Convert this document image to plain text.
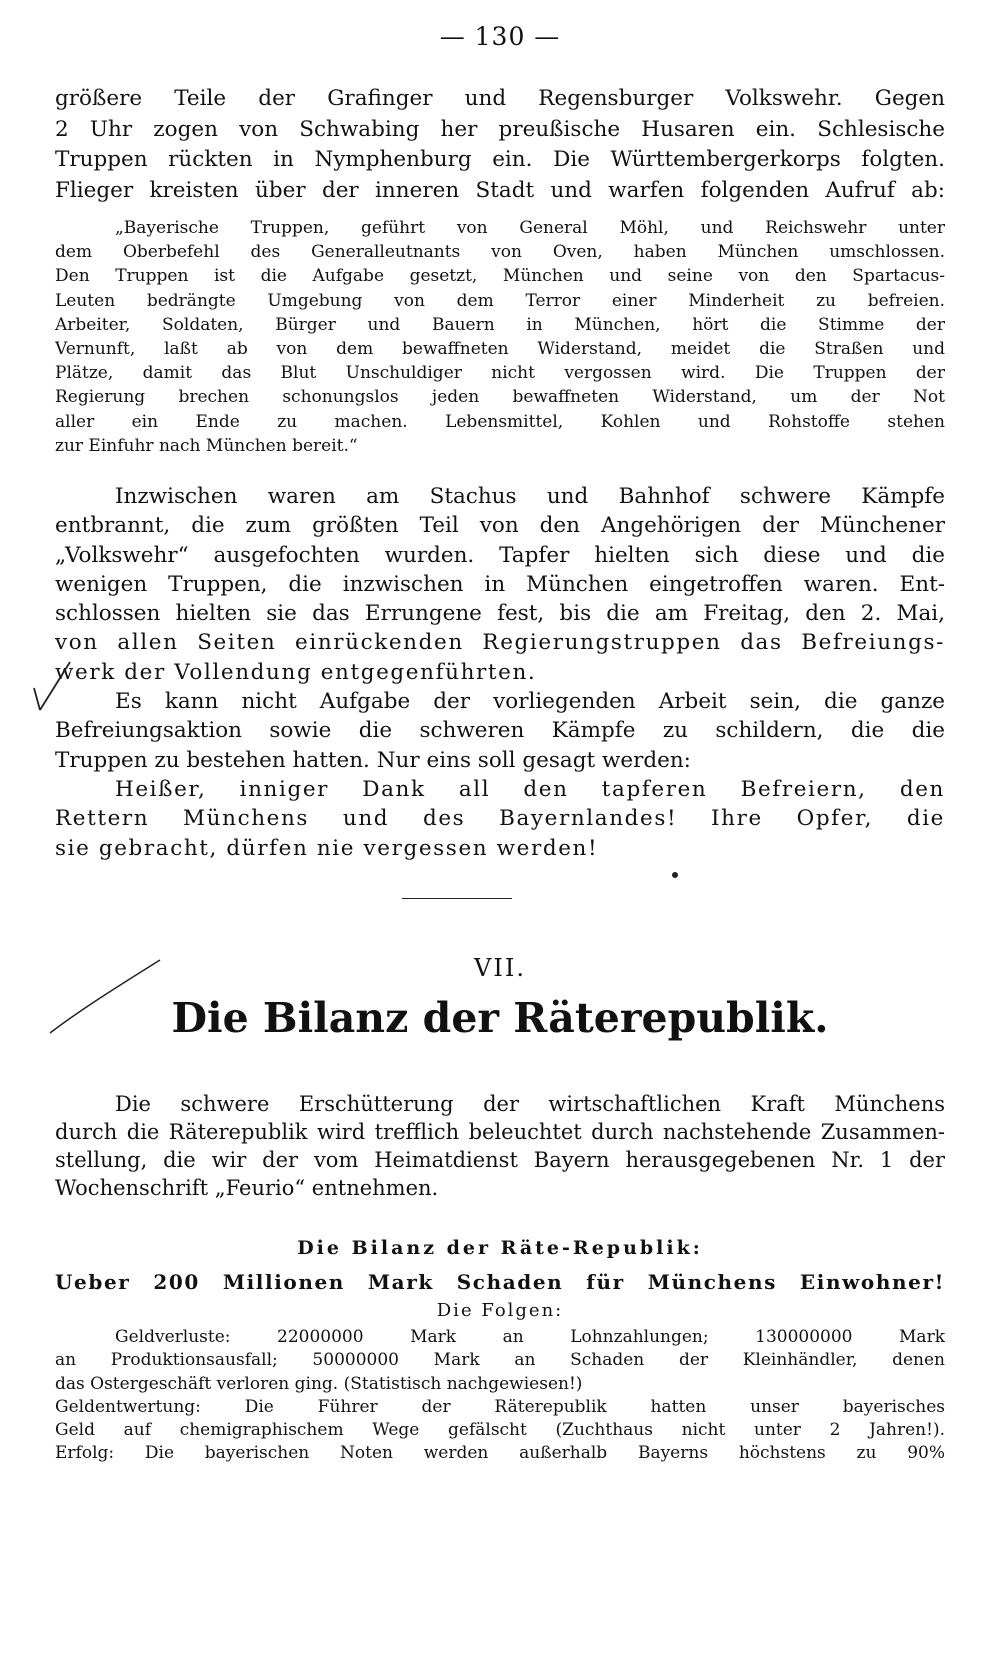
— 130 —
größere Teile der Grafinger und Regensburger Volkswehr. Gegen
2 Uhr zogen von Schwabing her preußische Husaren ein. Schlesische
Truppen rückten in Nymphenburg ein. Die Württembergerkorps folgten.
Flieger kreisten über der inneren Stadt und warfen folgenden Aufruf ab:
„Bayerische Truppen, geführt von General Möhl, und Reichswehr unter
dem Oberbefehl des Generalleutnants von Oven, haben München umschlossen.
Den Truppen ist die Aufgabe gesetzt, München und seine von den Spartacus-
Leuten bedrängte Umgebung von dem Terror einer Minderheit zu befreien.
Arbeiter, Soldaten, Bürger und Bauern in München, hört die Stimme der
Vernunft, laßt ab von dem bewaffneten Widerstand, meidet die Straßen und
Plätze, damit das Blut Unschuldiger nicht vergossen wird. Die Truppen der
Regierung brechen schonungslos jeden bewaffneten Widerstand, um der Not
aller ein Ende zu machen. Lebensmittel, Kohlen und Rohstoffe stehen
zur Einfuhr nach München bereit.“
Inzwischen waren am Stachus und Bahnhof schwere Kämpfe
entbrannt, die zum größten Teil von den Angehörigen der Münchener
„Volkswehr“ ausgefochten wurden. Tapfer hielten sich diese und die
wenigen Truppen, die inzwischen in München eingetroffen waren. Ent-
schlossen hielten sie das Errungene fest, bis die am Freitag, den 2. Mai,
von allen Seiten einrückenden Regierungstruppen das Befreiungs-
werk der Vollendung entgegenführten.
Es kann nicht Aufgabe der vorliegenden Arbeit sein, die ganze
Befreiungsaktion sowie die schweren Kämpfe zu schildern, die die
Truppen zu bestehen hatten. Nur eins soll gesagt werden:
Heißer, inniger Dank all den tapferen Befreiern, den
Rettern Münchens und des Bayernlandes! Ihre Opfer, die
sie gebracht, dürfen nie vergessen werden!
VII.
Die Bilanz der Räterepublik.
Die schwere Erschütterung der wirtschaftlichen Kraft Münchens
durch die Räterepublik wird trefflich beleuchtet durch nachstehende Zusammen-
stellung, die wir der vom Heimatdienst Bayern herausgegebenen Nr. 1 der
Wochenschrift „Feurio“ entnehmen.
Die Bilanz der Räte-Republik:
Ueber 200 Millionen Mark Schaden für Münchens Einwohner!
Die Folgen:
Geldverluste: 22000000 Mark an Lohnzahlungen; 130000000 Mark
an Produktionsausfall; 50000000 Mark an Schaden der Kleinhändler, denen
das Ostergeschäft verloren ging. (Statistisch nachgewiesen!)
Geldentwertung: Die Führer der Räterepublik hatten unser bayerisches
Geld auf chemigraphischem Wege gefälscht (Zuchthaus nicht unter 2 Jahren!).
Erfolg: Die bayerischen Noten werden außerhalb Bayerns höchstens zu 90%
